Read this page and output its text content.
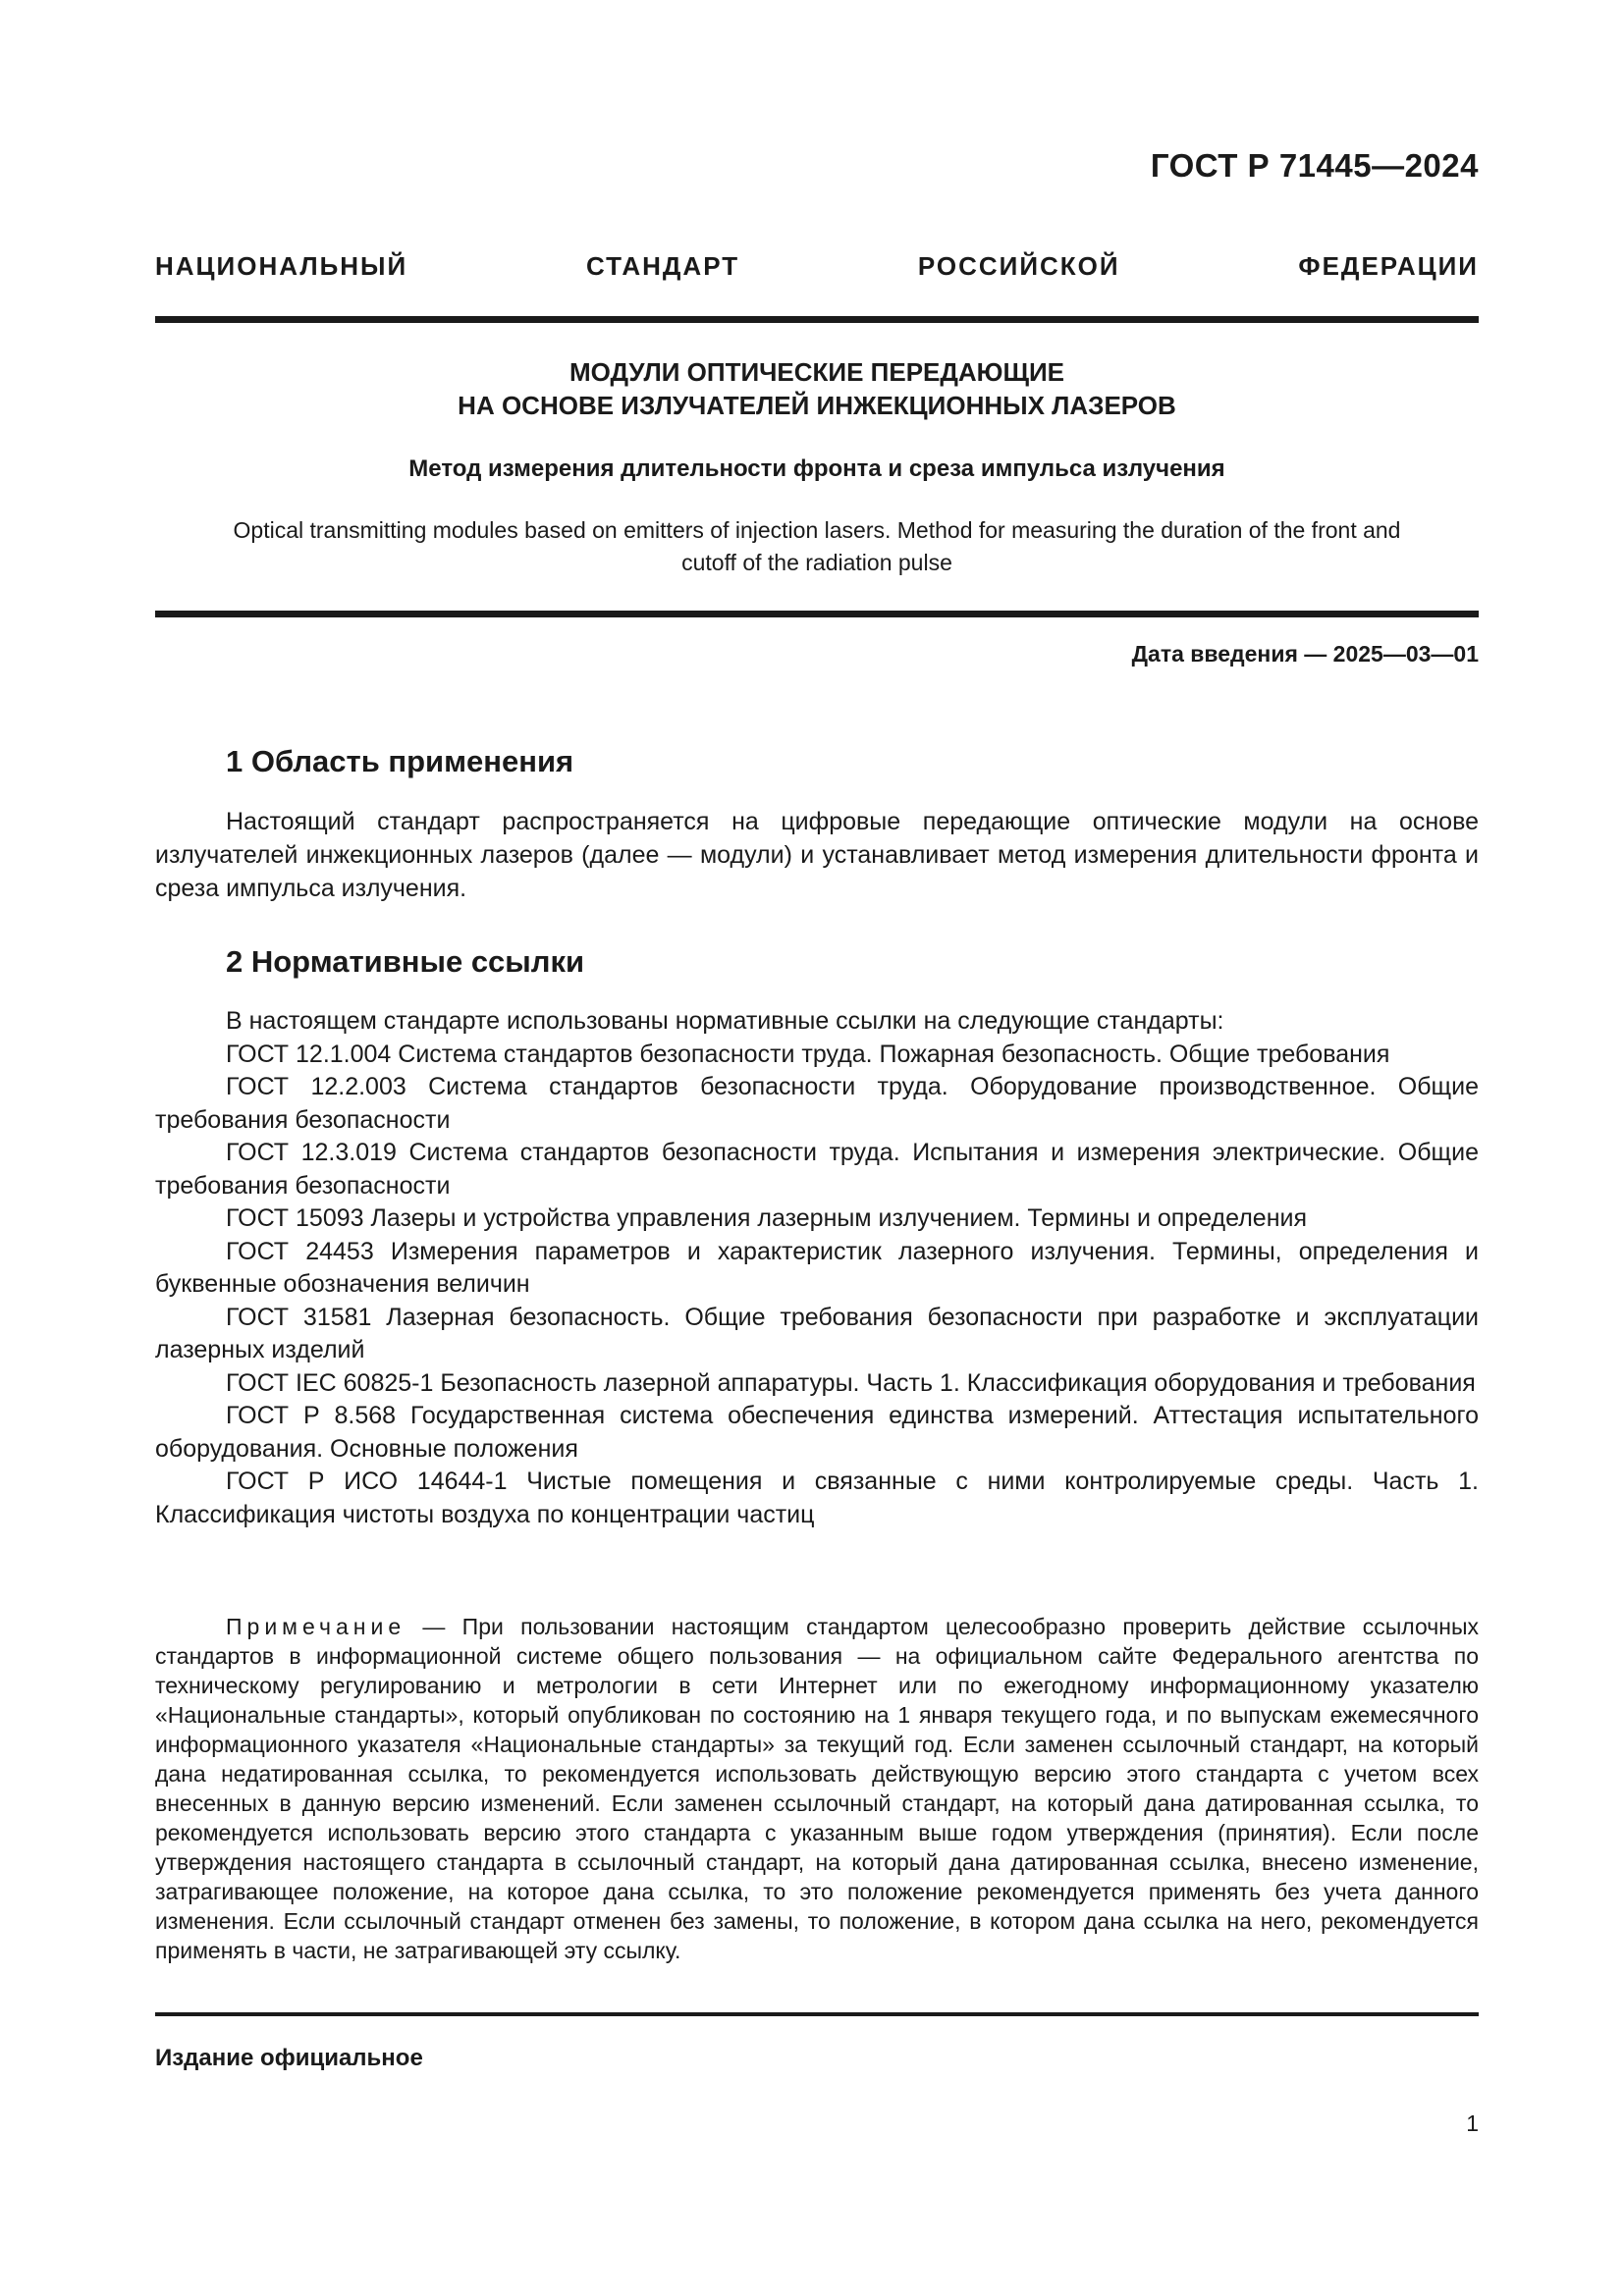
ГОСТ Р 71445—2024
НАЦИОНАЛЬНЫЙ СТАНДАРТ РОССИЙСКОЙ ФЕДЕРАЦИИ
МОДУЛИ ОПТИЧЕСКИЕ ПЕРЕДАЮЩИЕ
НА ОСНОВЕ ИЗЛУЧАТЕЛЕЙ ИНЖЕКЦИОННЫХ ЛАЗЕРОВ
Метод измерения длительности фронта и среза импульса излучения
Optical transmitting modules based on emitters of injection lasers. Method for measuring the duration of the front and
cutoff of the radiation pulse
Дата введения — 2025—03—01
1 Область применения
Настоящий стандарт распространяется на цифровые передающие оптические модули на основе излучателей инжекционных лазеров (далее — модули) и устанавливает метод измерения длительности фронта и среза импульса излучения.
2 Нормативные ссылки

В настоящем стандарте использованы нормативные ссылки на следующие стандарты:

ГОСТ 12.1.004 Система стандартов безопасности труда. Пожарная безопасность. Общие требования

ГОСТ 12.2.003 Система стандартов безопасности труда. Оборудование производственное. Общие требования безопасности

ГОСТ 12.3.019 Система стандартов безопасности труда. Испытания и измерения электрические. Общие требования безопасности

ГОСТ 15093 Лазеры и устройства управления лазерным излучением. Термины и определения

ГОСТ 24453 Измерения параметров и характеристик лазерного излучения. Термины, определения и буквенные обозначения величин

ГОСТ 31581 Лазерная безопасность. Общие требования безопасности при разработке и эксплуатации лазерных изделий

ГОСТ IEC 60825-1 Безопасность лазерной аппаратуры. Часть 1. Классификация оборудования и требования

ГОСТ Р 8.568 Государственная система обеспечения единства измерений. Аттестация испытательного оборудования. Основные положения

ГОСТ Р ИСО 14644-1 Чистые помещения и связанные с ними контролируемые среды. Часть 1. Классификация чистоты воздуха по концентрации частиц

Примечание — При пользовании настоящим стандартом целесообразно проверить действие ссылочных стандартов в информационной системе общего пользования — на официальном сайте Федерального агентства по техническому регулированию и метрологии в сети Интернет или по ежегодному информационному указателю «Национальные стандарты», который опубликован по состоянию на 1 января текущего года, и по выпускам ежемесячного информационного указателя «Национальные стандарты» за текущий год. Если заменен ссылочный стандарт, на который дана недатированная ссылка, то рекомендуется использовать действующую версию этого стандарта с учетом всех внесенных в данную версию изменений. Если заменен ссылочный стандарт, на который дана датированная ссылка, то рекомендуется использовать версию этого стандарта с указанным выше годом утверждения (принятия). Если после утверждения настоящего стандарта в ссылочный стандарт, на который дана датированная ссылка, внесено изменение, затрагивающее положение, на которое дана ссылка, то это положение рекомендуется применять без учета данного изменения. Если ссылочный стандарт отменен без замены, то положение, в котором дана ссылка на него, рекомендуется применять в части, не затрагивающей эту ссылку.
Издание официальное
1
